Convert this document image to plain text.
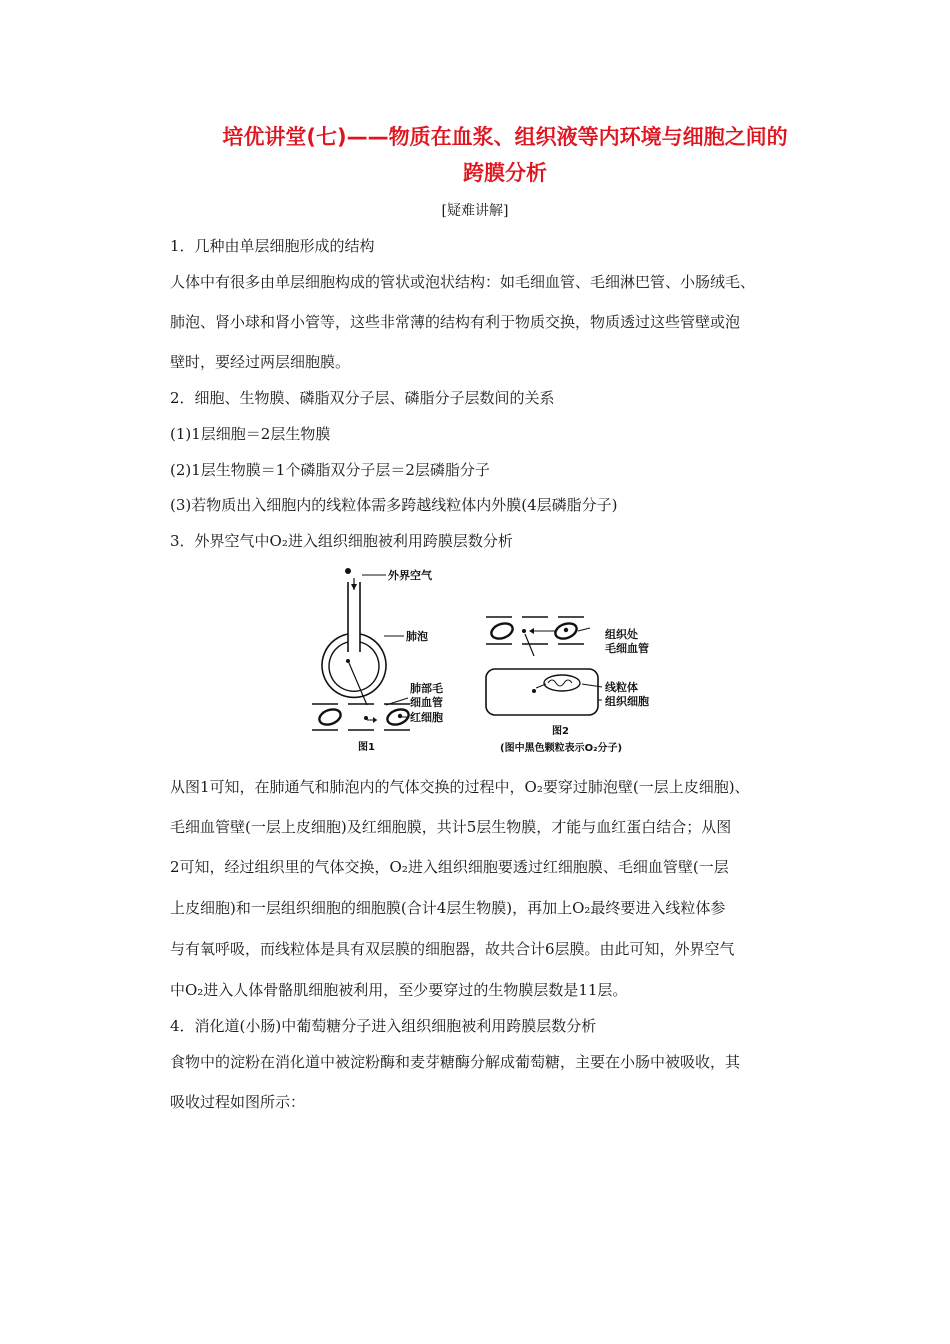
培优讲堂(七)——物质在血浆、组织液等内环境与细胞之间的
跨膜分析
[疑难讲解]
1．几种由单层细胞形成的结构
人体中有很多由单层细胞构成的管状或泡状结构：如毛细血管、毛细淋巴管、小肠绒毛、
肺泡、肾小球和肾小管等，这些非常薄的结构有利于物质交换，物质透过这些管壁或泡
壁时，要经过两层细胞膜。
2．细胞、生物膜、磷脂双分子层、磷脂分子层数间的关系
(1)1层细胞＝2层生物膜
(2)1层生物膜＝1个磷脂双分子层＝2层磷脂分子
(3)若物质出入细胞内的线粒体需多跨越线粒体内外膜(4层磷脂分子)
3．外界空气中O₂进入组织细胞被利用跨膜层数分析
外界空气
肺泡
肺部毛
细血管
红细胞
图1
组织处
毛细血管
线粒体
组织细胞
图2
(图中黑色颗粒表示O₂分子)
从图1可知，在肺通气和肺泡内的气体交换的过程中，O₂要穿过肺泡壁(一层上皮细胞)、
毛细血管壁(一层上皮细胞)及红细胞膜，共计5层生物膜，才能与血红蛋白结合；从图
2可知，经过组织里的气体交换，O₂进入组织细胞要透过红细胞膜、毛细血管壁(一层
上皮细胞)和一层组织细胞的细胞膜(合计4层生物膜)，再加上O₂最终要进入线粒体参
与有氧呼吸，而线粒体是具有双层膜的细胞器，故共合计6层膜。由此可知，外界空气
中O₂进入人体骨骼肌细胞被利用，至少要穿过的生物膜层数是11层。
4．消化道(小肠)中葡萄糖分子进入组织细胞被利用跨膜层数分析
食物中的淀粉在消化道中被淀粉酶和麦芽糖酶分解成葡萄糖，主要在小肠中被吸收，其
吸收过程如图所示：
